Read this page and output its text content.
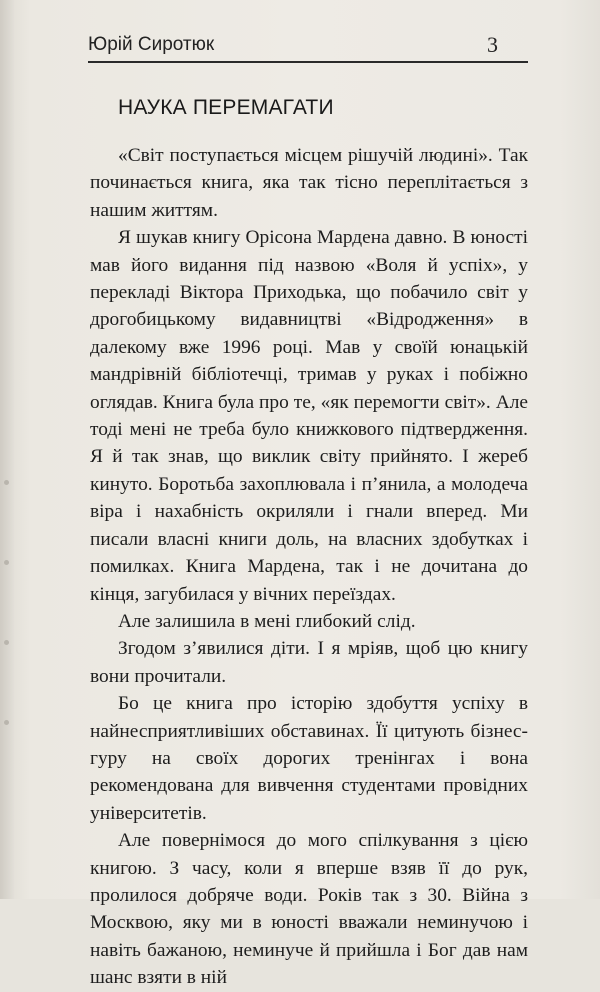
Юрій Сиротюк	3
НАУКА ПЕРЕМАГАТИ

«Світ поступається місцем рішучій людині». Так починається книга, яка так тісно переплітається з нашим життям.

Я шукав книгу Орісона Мардена давно. В юності мав його видання під назвою «Воля й успіх», у перекладі Віктора Приходька, що побачило світ у дрогобицькому видавництві «Відродження» в далекому вже 1996 році. Мав у своїй юнацькій мандрівній бібліотечці, тримав у руках і побіжно оглядав. Книга була про те, «як перемогти світ». Але тоді мені не треба було книжкового підтвердження. Я й так знав, що виклик світу прийнято. І жереб кинуто. Боротьба захоплювала і п’янила, а молодеча віра і нахабність окриляли і гнали вперед. Ми писали власні книги доль, на власних здобутках і помилках. Книга Мардена, так і не дочитана до кінця, загубилася у вічних переїздах.

Але залишила в мені глибокий слід.

Згодом з’явилися діти. І я мріяв, щоб цю книгу вони прочитали.

Бо це книга про історію здобуття успіху в найнесприятливіших обставинах. Її цитують бізнес-гуру на своїх дорогих тренінгах і вона рекомендована для вивчення студентами провідних університетів.

Але повернімося до мого спілкування з цією книгою. З часу, коли я вперше взяв її до рук, пролилося добряче води. Років так з 30. Війна з Москвою, яку ми в юності вважали неминучою і навіть бажаною, неминуче й прийшла і Бог дав нам шанс взяти в ній
